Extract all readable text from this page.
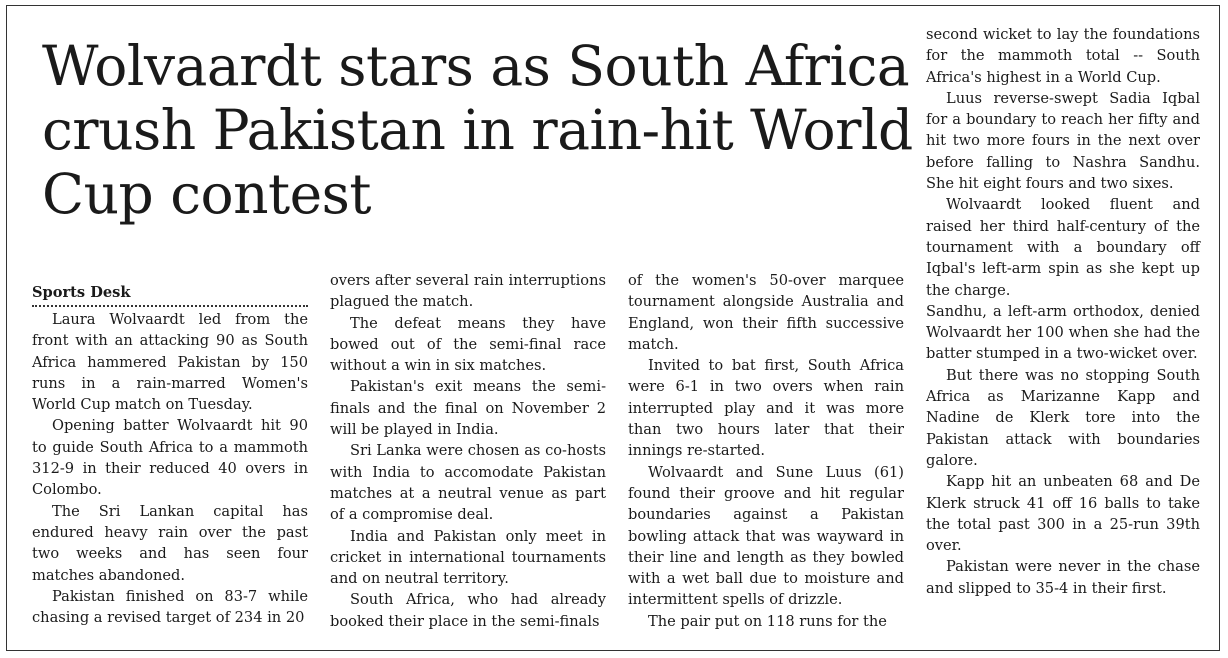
Wolvaardt stars as South Africa crush Pakistan in rain-hit World Cup contest
Sports Desk

Laura Wolvaardt led from the front with an attacking 90 as South Africa hammered Pakistan by 150 runs in a rain-marred Women's World Cup match on Tuesday.

Opening batter Wolvaardt hit 90 to guide South Africa to a mammoth 312-9 in their reduced 40 overs in Colombo.

The Sri Lankan capital has endured heavy rain over the past two weeks and has seen four matches abandoned.

Pakistan finished on 83-7 while chasing a revised target of 234 in 20

overs after several rain interruptions plagued the match.

The defeat means they have bowed out of the semi-final race without a win in six matches.

Pakistan's exit means the semi-finals and the final on November 2 will be played in India.

Sri Lanka were chosen as co-hosts with India to accomodate Pakistan matches at a neutral venue as part of a compromise deal.

India and Pakistan only meet in cricket in international tournaments and on neutral territory.

South Africa, who had already booked their place in the semi-finals

of the women's 50-over marquee tournament alongside Australia and England, won their fifth successive match.

Invited to bat first, South Africa were 6-1 in two overs when rain interrupted play and it was more than two hours later that their innings re-started.

Wolvaardt and Sune Luus (61) found their groove and hit regular boundaries against a Pakistan bowling attack that was wayward in their line and length as they bowled with a wet ball due to moisture and intermittent spells of drizzle.

The pair put on 118 runs for the

second wicket to lay the foundations for the mammoth total -- South Africa's highest in a World Cup.

Luus reverse-swept Sadia Iqbal for a boundary to reach her fifty and hit two more fours in the next over before falling to Nashra Sandhu. She hit eight fours and two sixes.

Wolvaardt looked fluent and raised her third half-century of the tournament with a boundary off Iqbal's left-arm spin as she kept up the charge.

Sandhu, a left-arm orthodox, denied Wolvaardt her 100 when she had the batter stumped in a two-wicket over.

But there was no stopping South Africa as Marizanne Kapp and Nadine de Klerk tore into the Pakistan attack with boundaries galore.

Kapp hit an unbeaten 68 and De Klerk struck 41 off 16 balls to take the total past 300 in a 25-run 39th over.

Pakistan were never in the chase and slipped to 35-4 in their first.
